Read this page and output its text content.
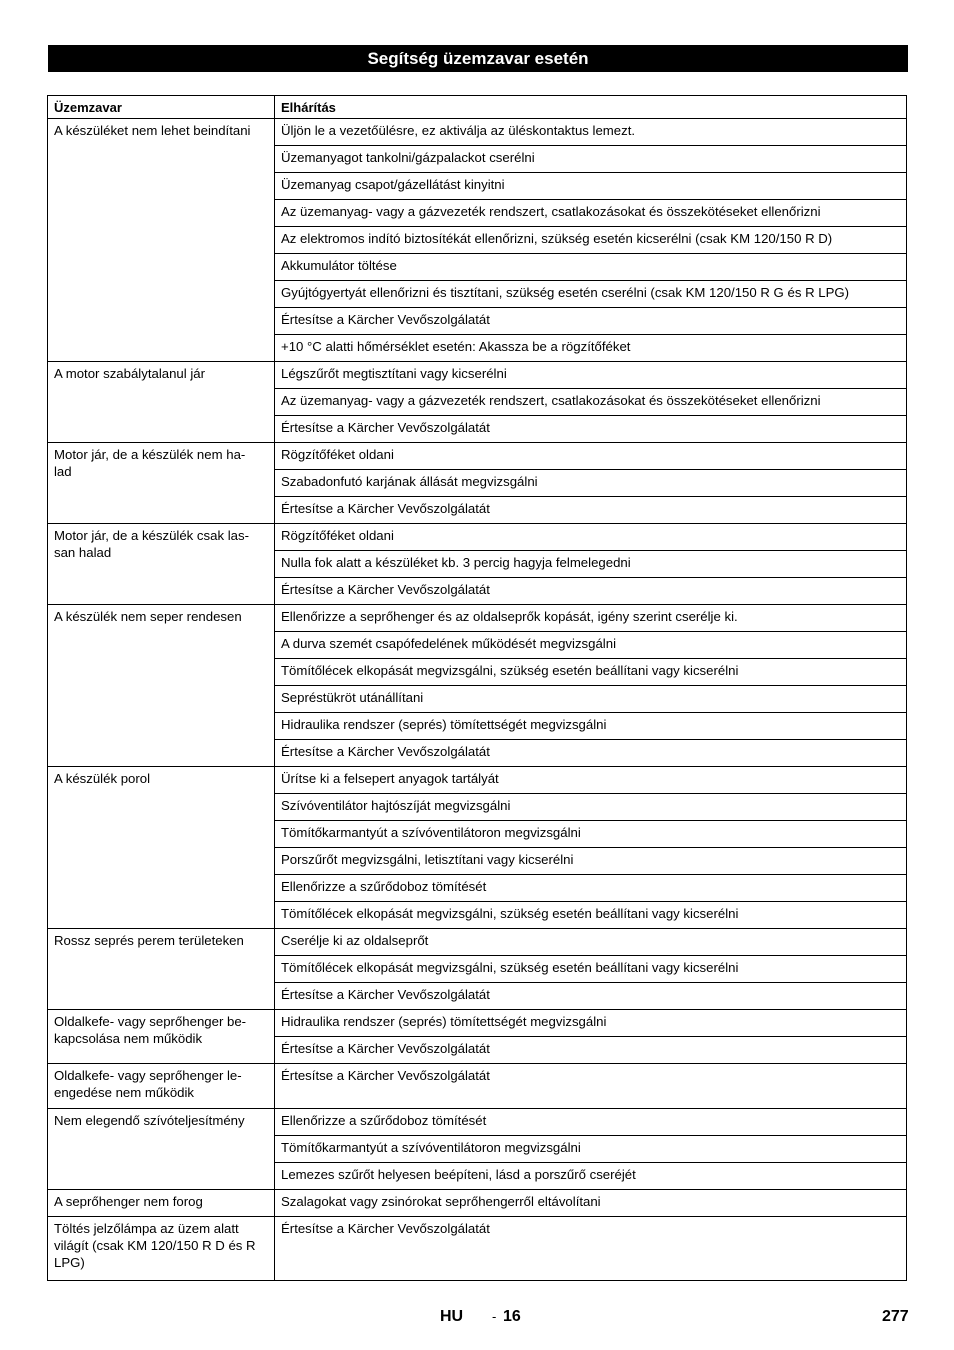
Segítség üzemzavar esetén
Üzemzavar	Elhárítás
A készüléket nem lehet beindítani	Üljön le a vezetőülésre, ez aktiválja az üléskontaktus lemezt.
	Üzemanyagot tankolni/gázpalackot cserélni
	Üzemanyag csapot/gázellátást kinyitni
	Az üzemanyag- vagy a gázvezeték rendszert, csatlakozásokat és összekötéseket ellenőrizni
	Az elektromos indító biztosítékát ellenőrizni, szükség esetén kicserélni (csak KM 120/150 R D)
	Akkumulátor töltése
	Gyújtógyertyát ellenőrizni és tisztítani, szükség esetén cserélni (csak KM 120/150 R G és R LPG)
	Értesítse a Kärcher Vevőszolgálatát
	+10 °C alatti hőmérséklet esetén: Akassza be a rögzítőféket
A motor szabálytalanul jár	Légszűrőt megtisztítani vagy kicserélni
	Az üzemanyag- vagy a gázvezeték rendszert, csatlakozásokat és összekötéseket ellenőrizni
	Értesítse a Kärcher Vevőszolgálatát
Motor jár, de a készülék nem ha-
lad	Rögzítőféket oldani
	Szabadonfutó karjának állását megvizsgálni
	Értesítse a Kärcher Vevőszolgálatát
Motor jár, de a készülék csak las-
san halad	Rögzítőféket oldani
	Nulla fok alatt a készüléket kb. 3 percig hagyja felmelegedni
	Értesítse a Kärcher Vevőszolgálatát
A készülék nem seper rendesen	Ellenőrizze a seprőhenger és az oldalseprők kopását, igény szerint cserélje ki.
	A durva szemét csapófedelének működését megvizsgálni
	Tömítőlécek elkopását megvizsgálni, szükség esetén beállítani vagy kicserélni
	Sepréstükröt utánállítani
	Hidraulika rendszer (seprés) tömítettségét megvizsgálni
	Értesítse a Kärcher Vevőszolgálatát
A készülék porol	Ürítse ki a felsepert anyagok tartályát
	Szívóventilátor hajtószíját megvizsgálni
	Tömítőkarmantyút a szívóventilátoron megvizsgálni
	Porszűrőt megvizsgálni, letisztítani vagy kicserélni
	Ellenőrizze a szűrődoboz tömítését
	Tömítőlécek elkopását megvizsgálni, szükség esetén beállítani vagy kicserélni
Rossz seprés perem területeken	Cserélje ki az oldalseprőt
	Tömítőlécek elkopását megvizsgálni, szükség esetén beállítani vagy kicserélni
	Értesítse a Kärcher Vevőszolgálatát
Oldalkefe- vagy seprőhenger be-
kapcsolása nem működik	Hidraulika rendszer (seprés) tömítettségét megvizsgálni
	Értesítse a Kärcher Vevőszolgálatát
Oldalkefe- vagy seprőhenger le-
engedése nem működik	Értesítse a Kärcher Vevőszolgálatát
Nem elegendő szívóteljesítmény	Ellenőrizze a szűrődoboz tömítését
	Tömítőkarmantyút a szívóventilátoron megvizsgálni
	Lemezes szűrőt helyesen beépíteni, lásd a porszűrő cseréjét
A seprőhenger nem forog	Szalagokat vagy zsinórokat seprőhengerről eltávolítani
Töltés jelzőlámpa az üzem alatt
világít (csak KM 120/150 R D és R
LPG)	Értesítse a Kärcher Vevőszolgálatát
HU - 16	277
